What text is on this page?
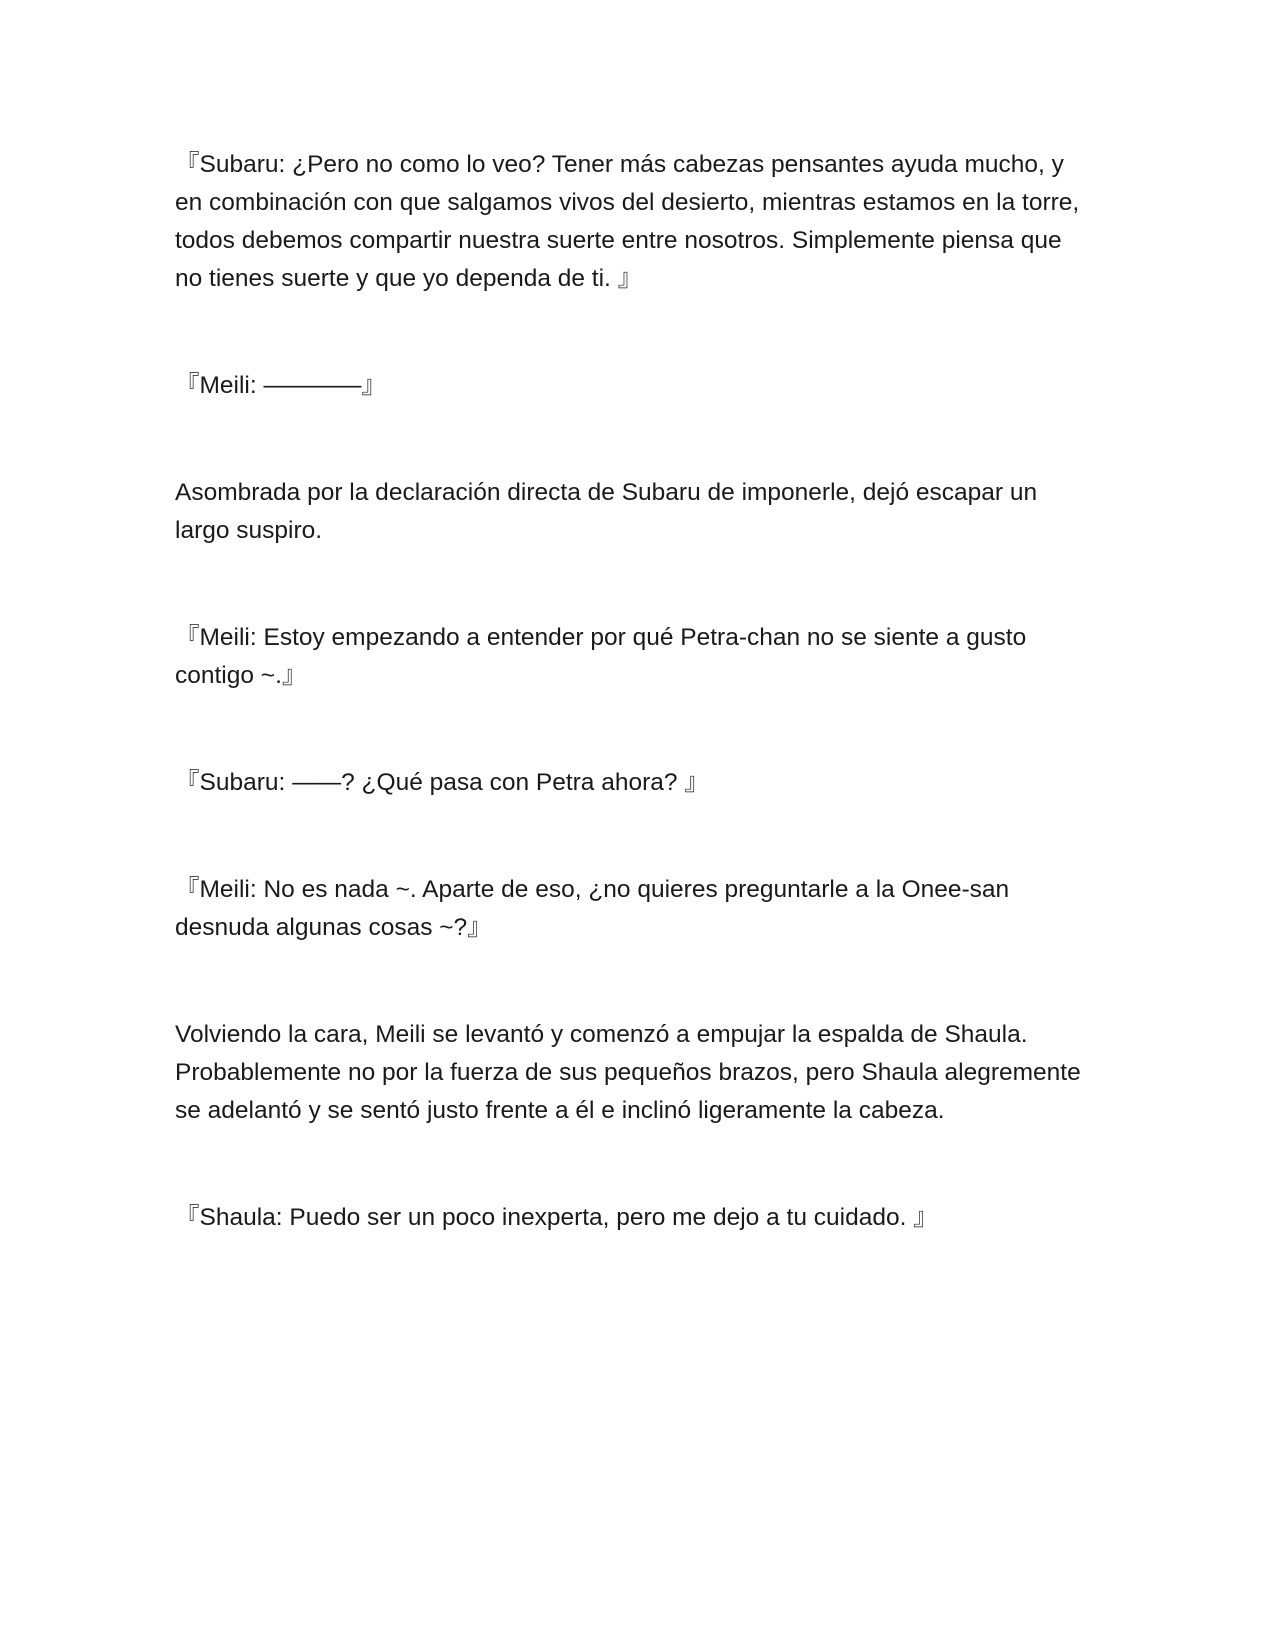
『Subaru: ¿Pero no como lo veo? Tener más cabezas pensantes ayuda mucho, y en combinación con que salgamos vivos del desierto, mientras estamos en la torre, todos debemos compartir nuestra suerte entre nosotros. Simplemente piensa que no tienes suerte y que yo dependa de ti. 』

『Meili: ————』

Asombrada por la declaración directa de Subaru de imponerle, dejó escapar un largo suspiro.

『Meili: Estoy empezando a entender por qué Petra-chan no se siente a gusto contigo ~.』

『Subaru: ——? ¿Qué pasa con Petra ahora? 』

『Meili: No es nada ~. Aparte de eso, ¿no quieres preguntarle a la Onee-san desnuda algunas cosas ~?』

Volviendo la cara, Meili se levantó y comenzó a empujar la espalda de Shaula. Probablemente no por la fuerza de sus pequeños brazos, pero Shaula alegremente se adelantó y se sentó justo frente a él e inclinó ligeramente la cabeza.

『Shaula: Puedo ser un poco inexperta, pero me dejo a tu cuidado. 』
